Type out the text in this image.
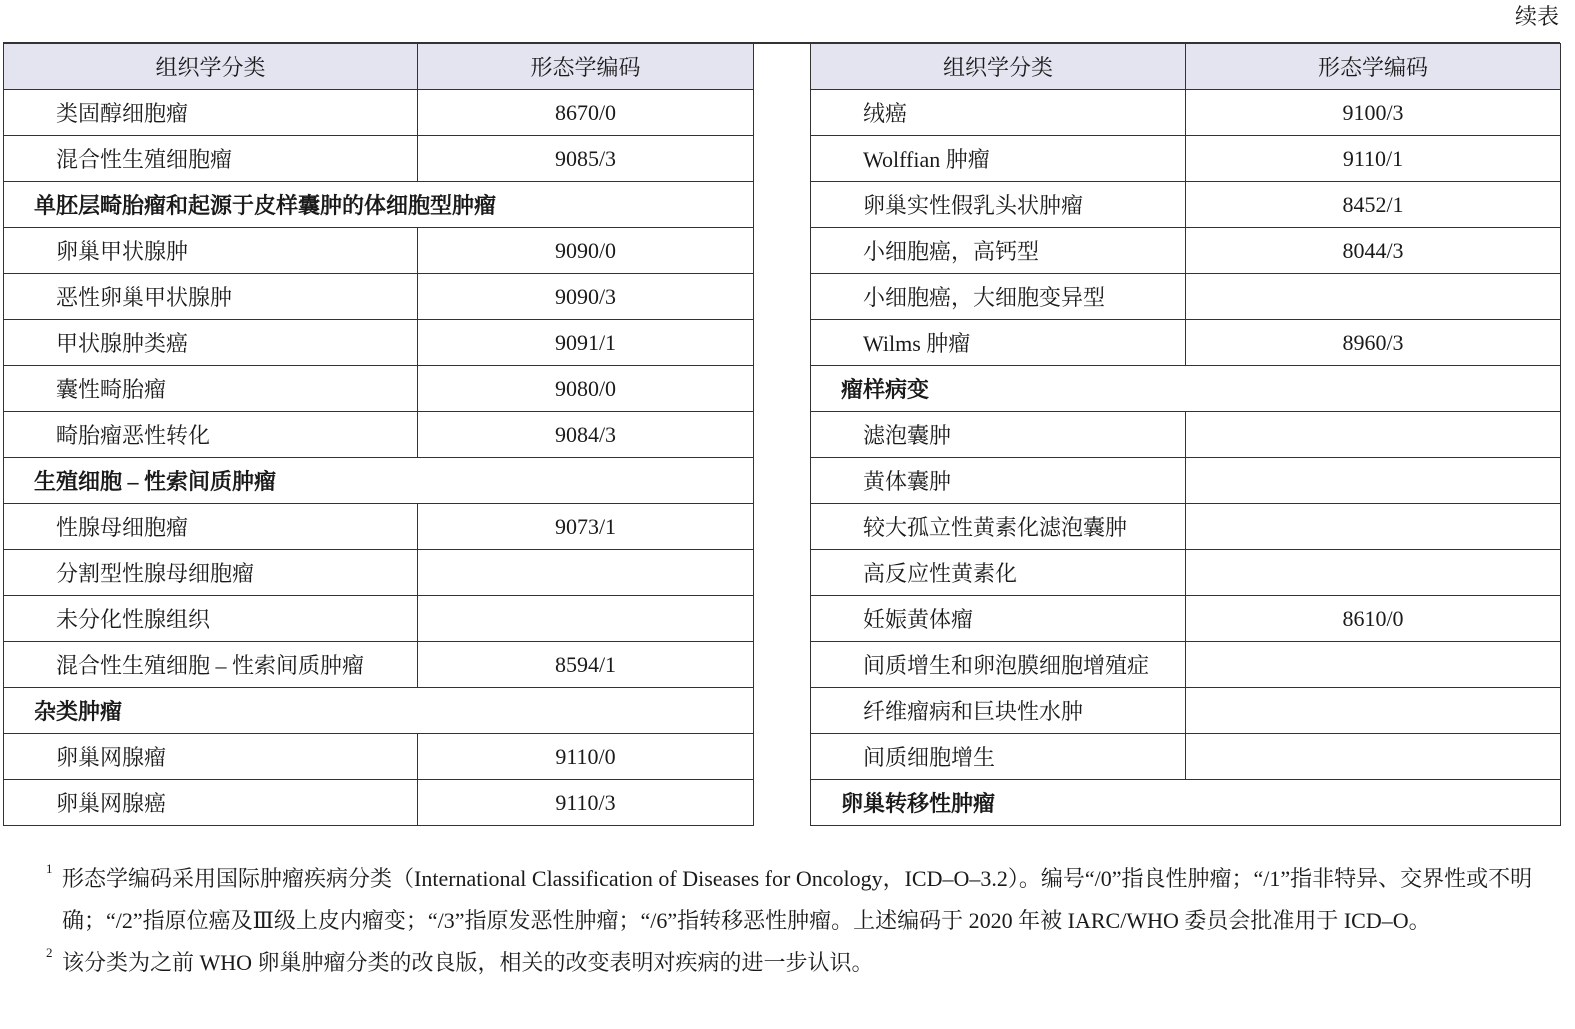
续表
组织学分类	形态学编码
类固醇细胞瘤	8670/0
混合性生殖细胞瘤	9085/3
单胚层畸胎瘤和起源于皮样囊肿的体细胞型肿瘤	
卵巢甲状腺肿	9090/0
恶性卵巢甲状腺肿	9090/3
甲状腺肿类癌	9091/1
囊性畸胎瘤	9080/0
畸胎瘤恶性转化	9084/3
生殖细胞 – 性索间质肿瘤	
性腺母细胞瘤	9073/1
分割型性腺母细胞瘤	
未分化性腺组织	
混合性生殖细胞 – 性索间质肿瘤	8594/1
杂类肿瘤	
卵巢网腺瘤	9110/0
卵巢网腺癌	9110/3
组织学分类	形态学编码
绒癌	9100/3
Wolffian 肿瘤	9110/1
卵巢实性假乳头状肿瘤	8452/1
小细胞癌，高钙型	8044/3
小细胞癌，大细胞变异型	
Wilms 肿瘤	8960/3
瘤样病变	
滤泡囊肿	
黄体囊肿	
较大孤立性黄素化滤泡囊肿	
高反应性黄素化	
妊娠黄体瘤	8610/0
间质增生和卵泡膜细胞增殖症	
纤维瘤病和巨块性水肿	
间质细胞增生	
卵巢转移性肿瘤	
1 形态学编码采用国际肿瘤疾病分类（International Classification of Diseases for Oncology，ICD–O–3.2）。编号“/0”指良性肿瘤；“/1”指非特异、交界性或不明确；“/2”指原位癌及Ⅲ级上皮内瘤变；“/3”指原发恶性肿瘤；“/6”指转移恶性肿瘤。上述编码于 2020 年被 IARC/WHO 委员会批准用于 ICD–O。
2 该分类为之前 WHO 卵巢肿瘤分类的改良版，相关的改变表明对疾病的进一步认识。
